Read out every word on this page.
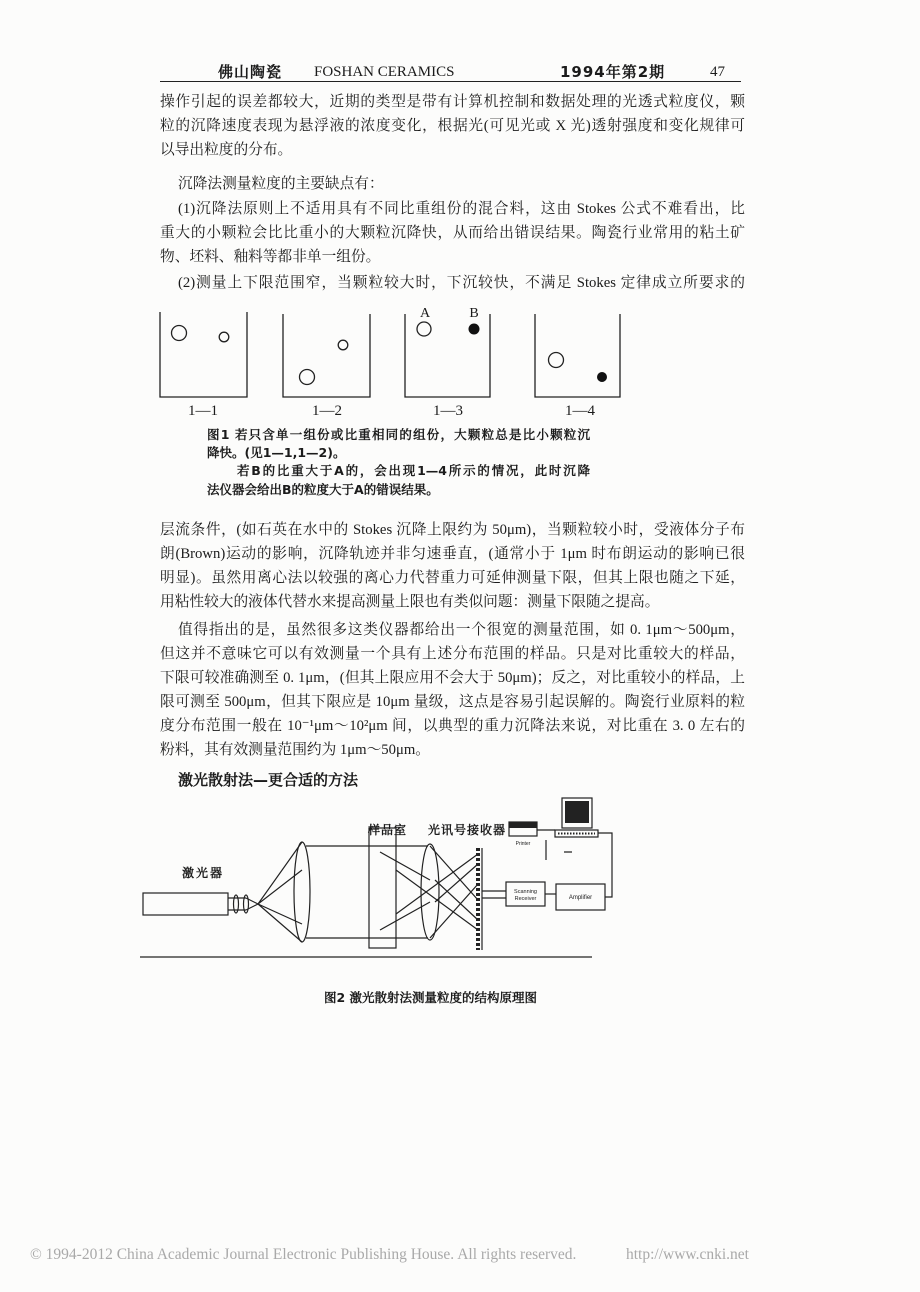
佛山陶瓷 FOSHAN CERAMICS	1994年第2期	47
操作引起的误差都较大，近期的类型是带有计算机控制和数据处理的光透式粒度仪，颗
粒的沉降速度表现为悬浮液的浓度变化，根据光(可见光或 X 光)透射强度和变化规律可
以导出粒度的分布。
沉降法测量粒度的主要缺点有：
(1)沉降法原则上不适用具有不同比重组份的混合料，这由 Stokes 公式不难看出，比
重大的小颗粒会比比重小的大颗粒沉降快，从而给出错误结果。陶瓷行业常用的粘土矿
物、坯料、釉料等都非单一组份。
(2)测量上下限范围窄，当颗粒较大时，下沉较快，不满足 Stokes 定律成立所要求的
A	B
1—1	1—2	1—3	1—4
图1 若只含单一组份或比重相同的组份，大颗粒总是比小颗粒沉
降快。(见1—1,1—2)。
若B的比重大于A的，会出现1—4所示的情况，此时沉降
法仪器会给出B的粒度大于A的错误结果。
层流条件，(如石英在水中的 Stokes 沉降上限约为 50μm)，当颗粒较小时，受液体分子布
朗(Brown)运动的影响，沉降轨迹并非匀速垂直，(通常小于 1μm 时布朗运动的影响已很
明显)。虽然用离心法以较强的离心力代替重力可延伸测量下限，但其上限也随之下延，
用粘性较大的液体代替水来提高测量上限也有类似问题：测量下限随之提高。
值得指出的是，虽然很多这类仪器都给出一个很宽的测量范围，如 0. 1μm～500μm，
但这并不意味它可以有效测量一个具有上述分布范围的样品。只是对比重较大的样品，
下限可较准确测至 0. 1μm，(但其上限应用不会大于 50μm)；反之，对比重较小的样品，上
限可测至 500μm，但其下限应是 10μm 量级，这点是容易引起误解的。陶瓷行业原料的粒
度分布范围一般在 10⁻¹μm～10²μm 间，以典型的重力沉降法来说，对比重在 3. 0 左右的
粉料，其有效测量范围约为 1μm～50μm。
激光散射法—更合适的方法
激光器
样品室 光讯号接收器
Scanning
Receiver	Amplifier
Printer
图2 激光散射法测量粒度的结构原理图
© 1994-2012 China Academic Journal Electronic Publishing House. All rights reserved.	http://www.cnki.net
